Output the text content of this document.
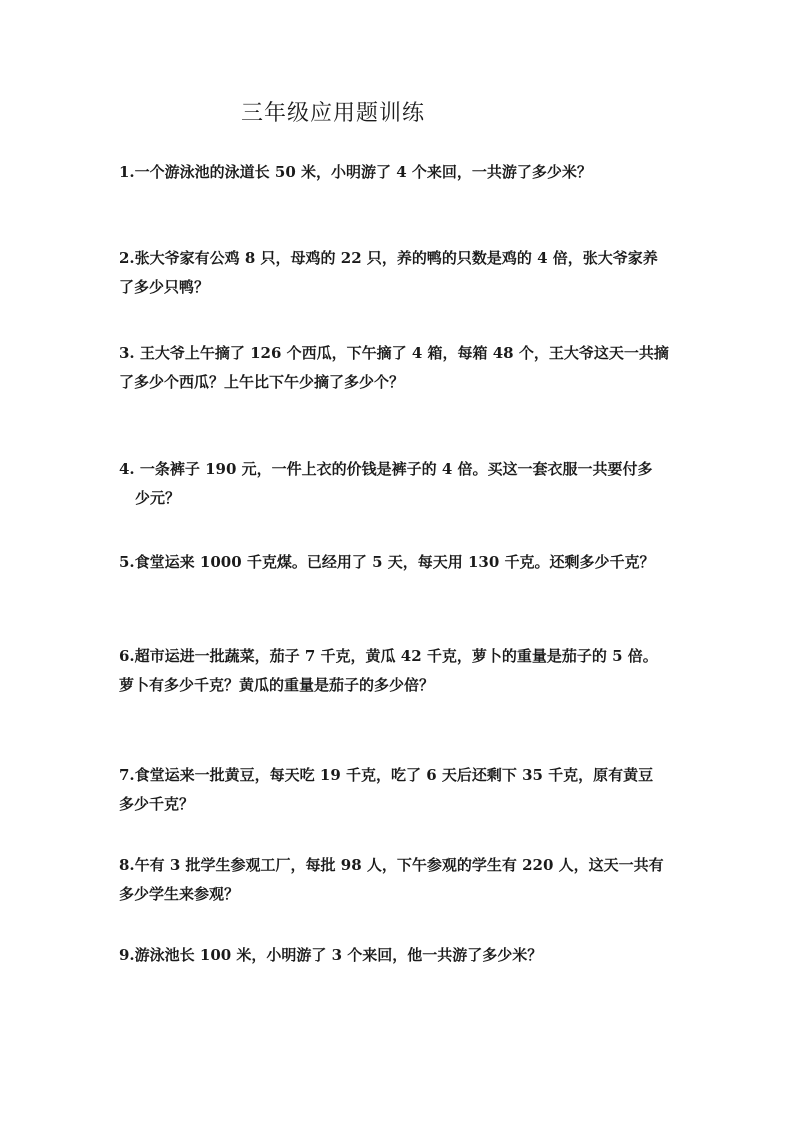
三年级应用题训练

1.一个游泳池的泳道长 50 米，小明游了 4 个来回，一共游了多少米？

2.张大爷家有公鸡 8 只，母鸡的 22 只，养的鸭的只数是鸡的 4 倍，张大爷家养
了多少只鸭？

3. 王大爷上午摘了 126 个西瓜，下午摘了 4 箱，每箱 48 个，王大爷这天一共摘
了多少个西瓜？上午比下午少摘了多少个？

4. 一条裤子 190 元，一件上衣的价钱是裤子的 4 倍。买这一套衣服一共要付多
少元？

5.食堂运来 1000 千克煤。已经用了 5 天，每天用 130 千克。还剩多少千克？

6.超市运进一批蔬菜，茄子 7 千克，黄瓜 42 千克，萝卜的重量是茄子的 5 倍。
萝卜有多少千克？黄瓜的重量是茄子的多少倍？

7.食堂运来一批黄豆，每天吃 19 千克，吃了 6 天后还剩下 35 千克，原有黄豆
多少千克？

8.午有 3 批学生参观工厂，每批 98 人，下午参观的学生有 220 人，这天一共有
多少学生来参观？

9.游泳池长 100 米，小明游了 3 个来回，他一共游了多少米？
